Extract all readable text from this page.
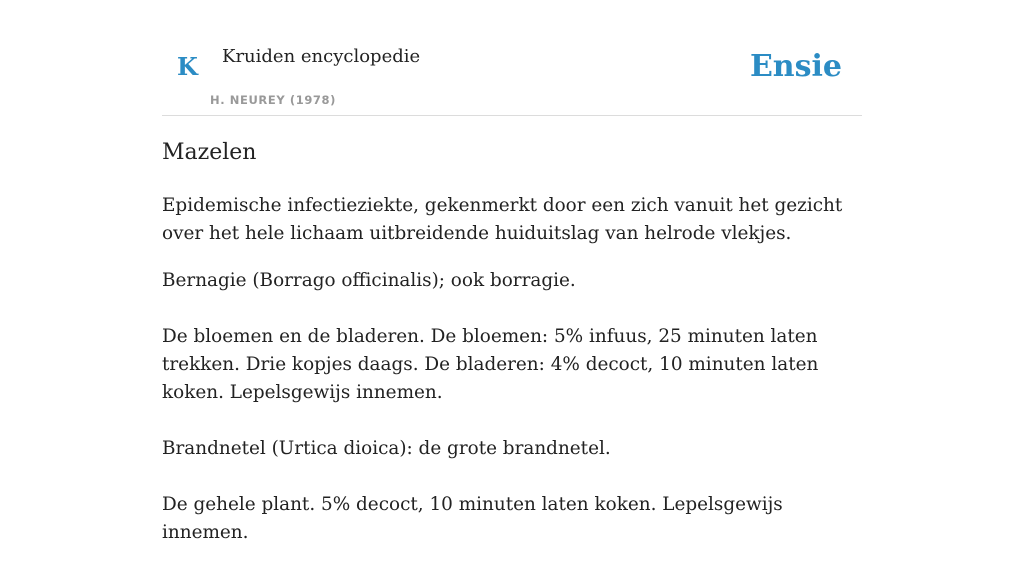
K Kruiden encyclopedie
H. NEUREY (1978)
Ensie
Mazelen

Epidemische infectieziekte, gekenmerkt door een zich vanuit het gezicht over het hele lichaam uitbreidende huiduitslag van helrode vlekjes.

Bernagie (Borrago officinalis); ook borragie.

De bloemen en de bladeren. De bloemen: 5% infuus, 25 minuten laten trekken. Drie kopjes daags. De bladeren: 4% decoct, 10 minuten laten koken. Lepelsgewijs innemen.

Brandnetel (Urtica dioica): de grote brandnetel.

De gehele plant. 5% decoct, 10 minuten laten koken. Lepelsgewijs innemen.
